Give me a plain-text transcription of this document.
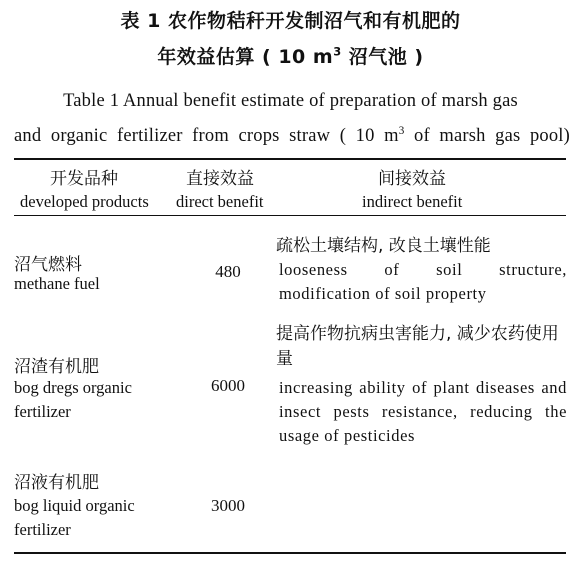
表 1 农作物秸秆开发制沼气和有机肥的
年效益估算 ( 10 $m^3$ 沼气池 )
Table 1 Annual benefit estimate of preparation of marsh gas
and organic fertilizer from crops straw ( 10 $m^3$ of marsh gas pool)
开发品种
developed products
直接效益
direct benefit
间接效益
indirect benefit
沼气燃料
methane fuel
480
疏松土壤结构, 改良土壤性能
looseness of soil structure, modification of soil property
沼渣有机肥
bog dregs organic fertilizer
6000
提高作物抗病虫害能力, 减少农药使用量
increasing ability of plant diseases and insect pests resistance, reducing the usage of pesticides
沼液有机肥
bog liquid organic fertilizer
3000
